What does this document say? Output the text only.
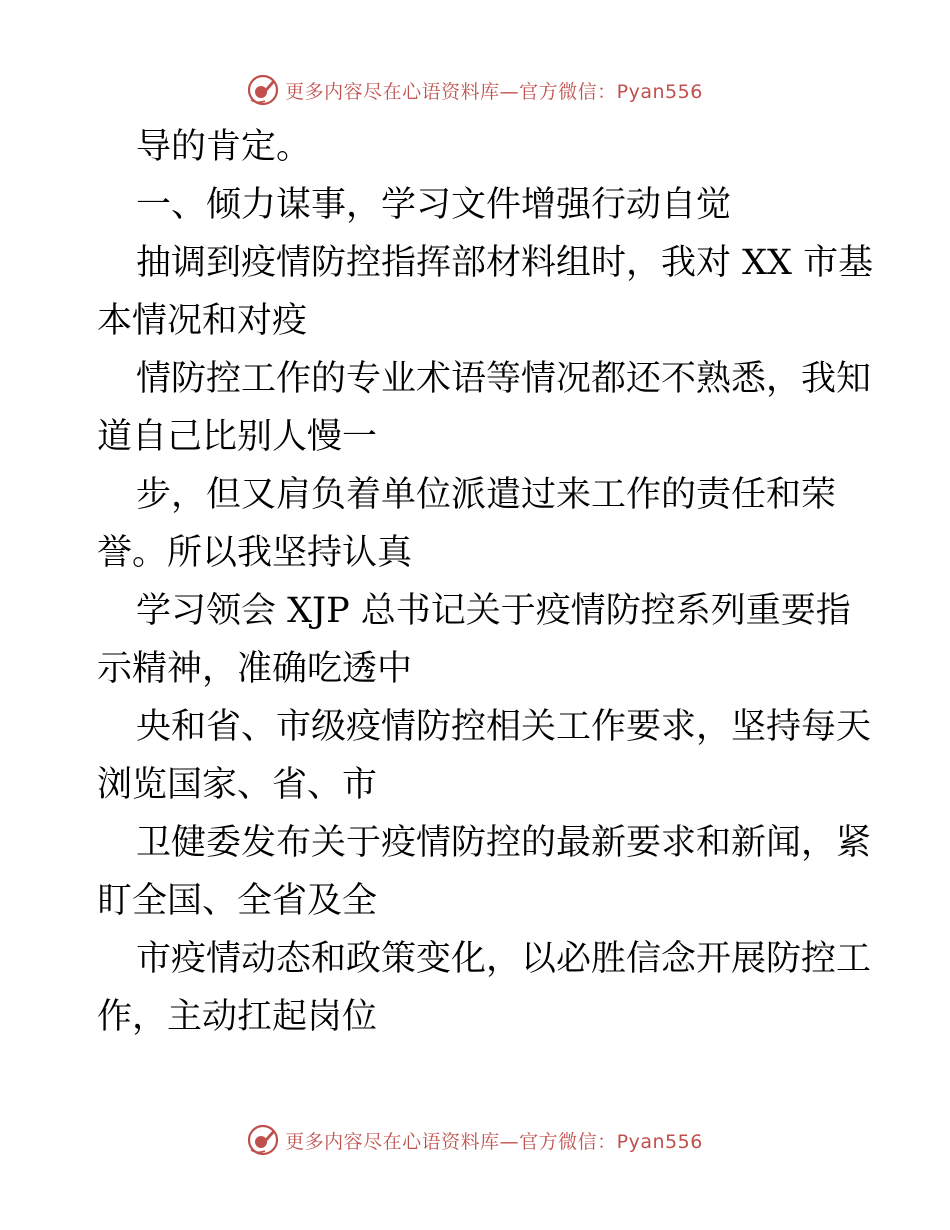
更多内容尽在心语资料库—官方微信：Pyan556
导的肯定。
一、倾力谋事，学习文件增强行动自觉
抽调到疫情防控指挥部材料组时，我对 XX 市基
本情况和对疫
情防控工作的专业术语等情况都还不熟悉，我知
道自己比别人慢一
步，但又肩负着单位派遣过来工作的责任和荣
誉。所以我坚持认真
学习领会 XJP 总书记关于疫情防控系列重要指
示精神，准确吃透中
央和省、市级疫情防控相关工作要求，坚持每天
浏览国家、省、市
卫健委发布关于疫情防控的最新要求和新闻，紧
盯全国、全省及全
市疫情动态和政策变化，以必胜信念开展防控工
作，主动扛起岗位
更多内容尽在心语资料库—官方微信：Pyan556
